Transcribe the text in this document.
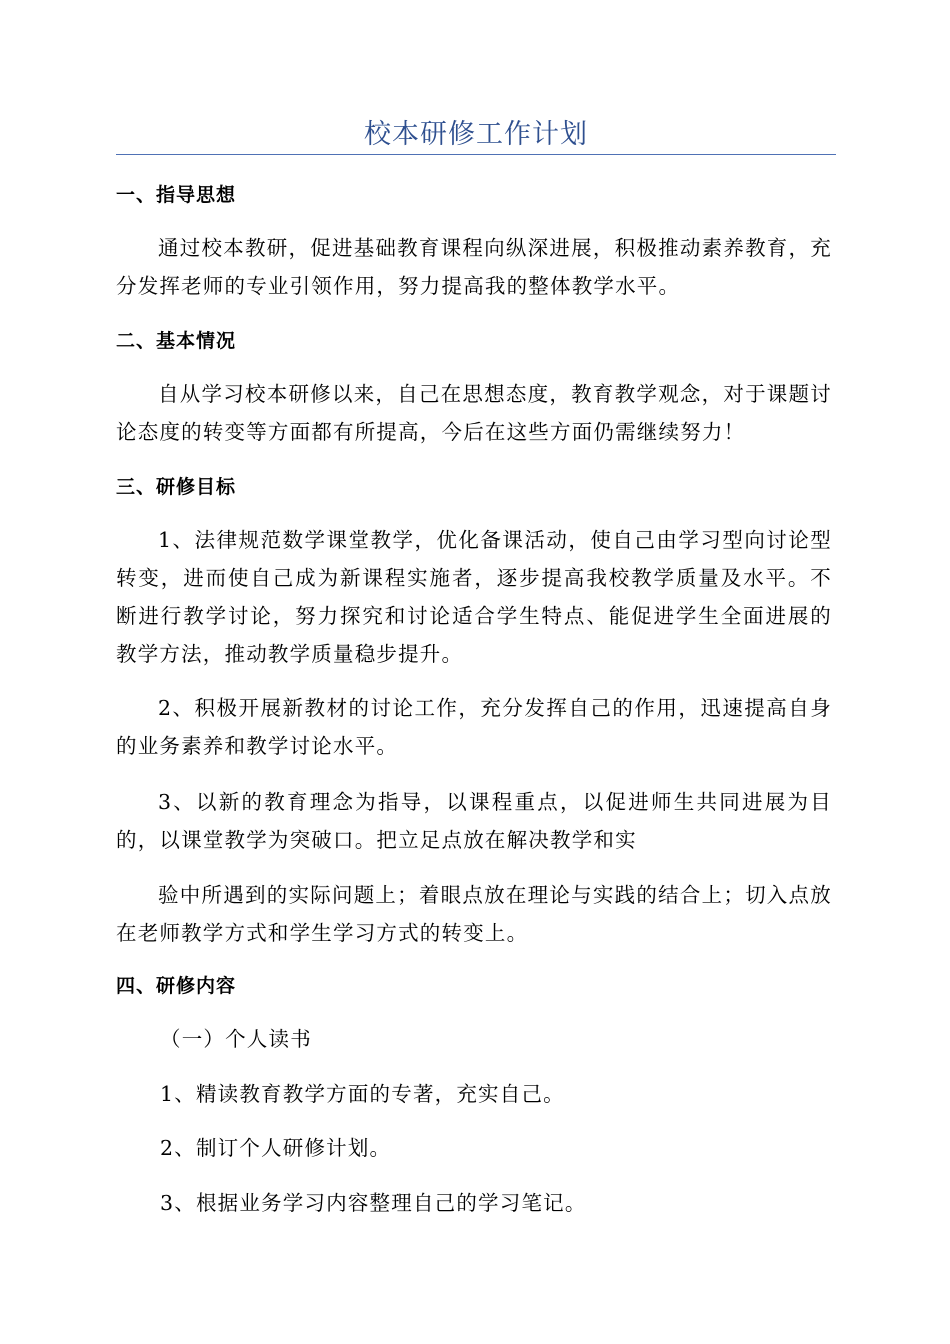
校本研修工作计划
一、指导思想
通过校本教研，促进基础教育课程向纵深进展，积极推动素养教育，充分发挥老师的专业引领作用，努力提高我的整体教学水平。
二、基本情况
自从学习校本研修以来，自己在思想态度，教育教学观念，对于课题讨论态度的转变等方面都有所提高，今后在这些方面仍需继续努力！
三、研修目标
1、法律规范数学课堂教学，优化备课活动，使自己由学习型向讨论型转变，进而使自己成为新课程实施者，逐步提高我校教学质量及水平。不断进行教学讨论，努力探究和讨论适合学生特点、能促进学生全面进展的教学方法，推动教学质量稳步提升。
2、积极开展新教材的讨论工作，充分发挥自己的作用，迅速提高自身的业务素养和教学讨论水平。
3、以新的教育理念为指导，以课程重点，以促进师生共同进展为目的，以课堂教学为突破口。把立足点放在解决教学和实
验中所遇到的实际问题上；着眼点放在理论与实践的结合上；切入点放在老师教学方式和学生学习方式的转变上。
四、研修内容
（一）个人读书
1、精读教育教学方面的专著，充实自己。
2、制订个人研修计划。
3、根据业务学习内容整理自己的学习笔记。
